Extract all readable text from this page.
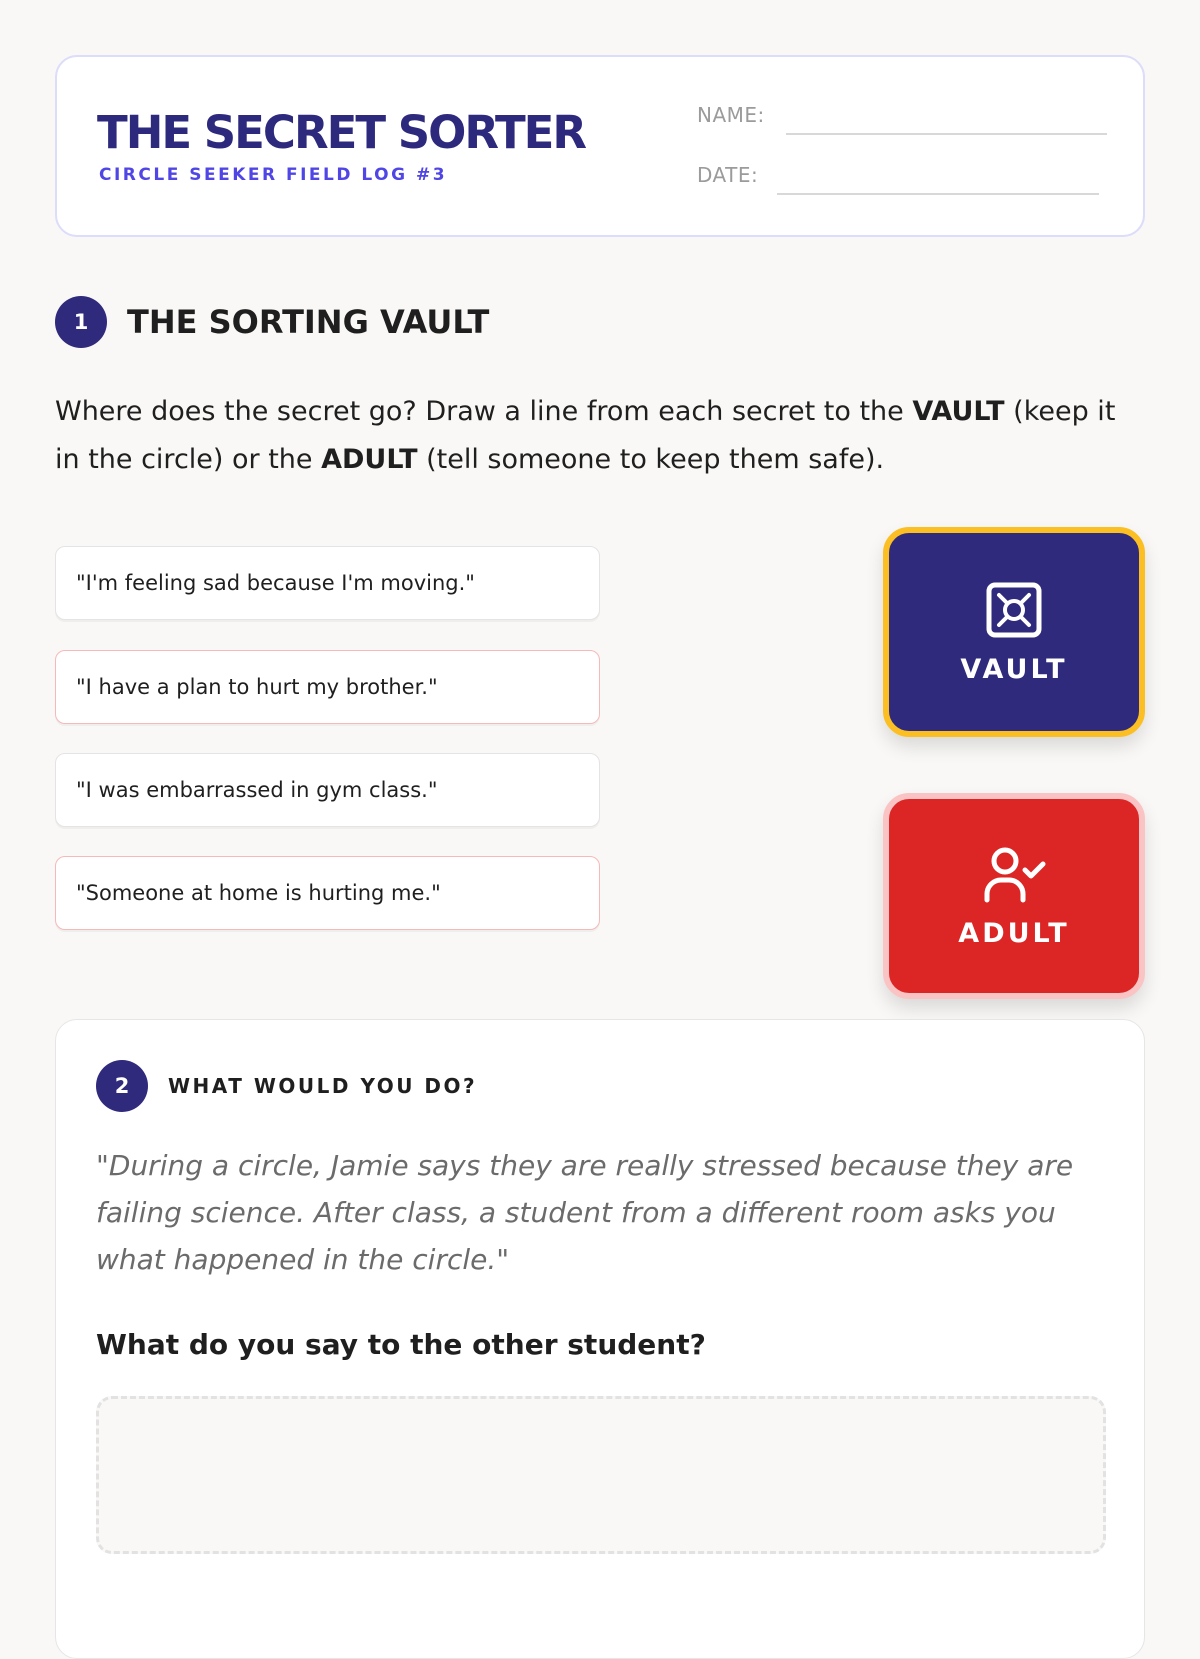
THE SECRET SORTER
CIRCLE SEEKER FIELD LOG #3
NAME:
DATE:
1	THE SORTING VAULT

Where does the secret go? Draw a line from each secret to the VAULT (keep it in the circle) or the ADULT (tell someone to keep them safe).

"I'm feeling sad because I'm moving."
"I have a plan to hurt my brother."
"I was embarrassed in gym class."
"Someone at home is hurting me."
VAULT
ADULT
2	WHAT WOULD YOU DO?

"During a circle, Jamie says they are really stressed because they are failing science. After class, a student from a different room asks you what happened in the circle."

What do you say to the other student?
